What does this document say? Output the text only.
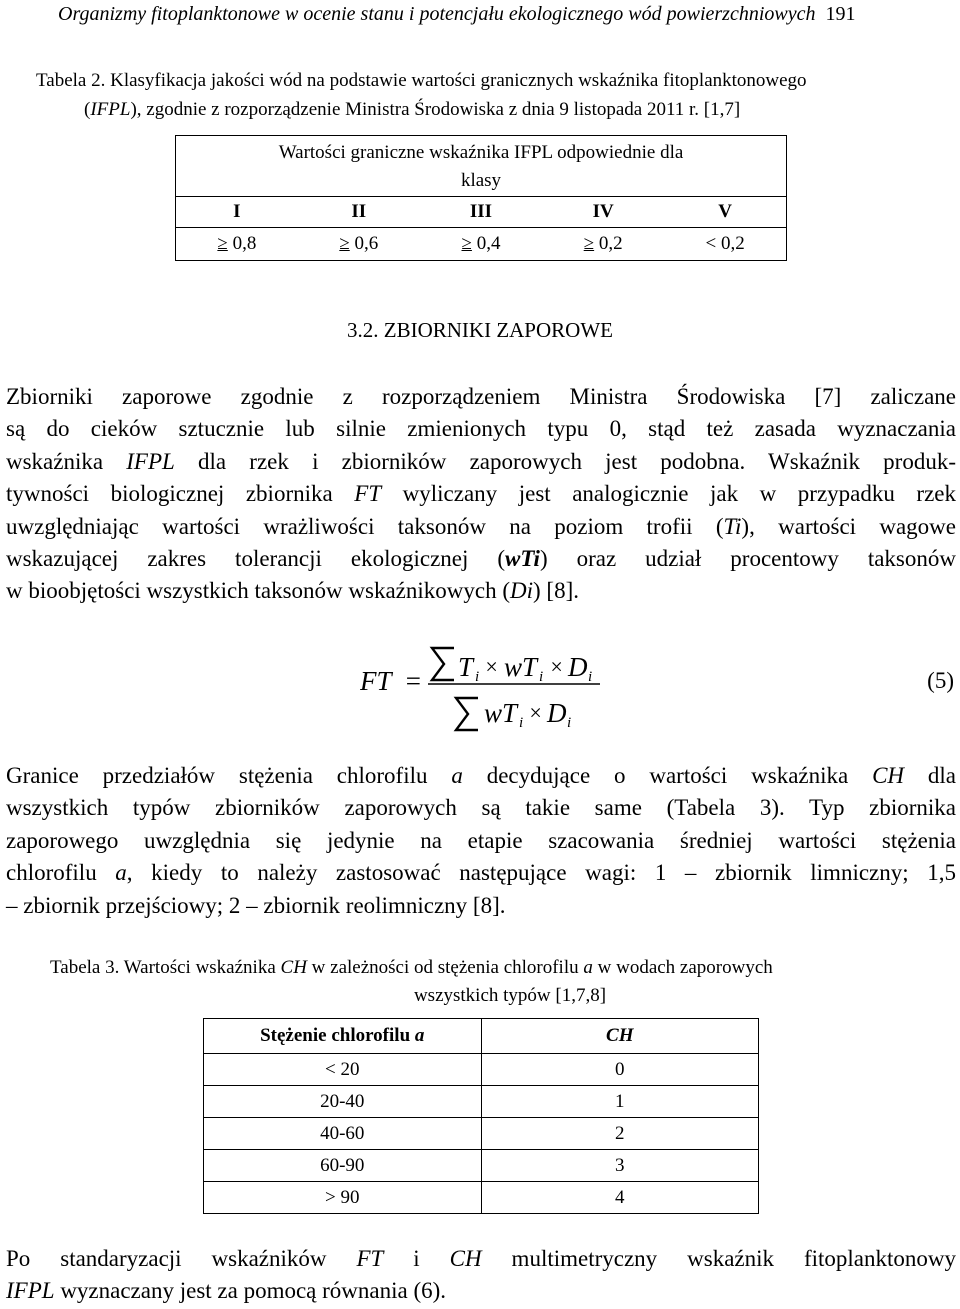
Organizmy fitoplanktonowe w ocenie stanu i potencjału ekologicznego wód powierzchniowych 191
Tabela 2. Klasyfikacja jakości wód na podstawie wartości granicznych wskaźnika fitoplanktonowego
(IFPL), zgodnie z rozporządzenie Ministra Środowiska z dnia 9 listopada 2011 r. [1,7]
Wartości graniczne wskaźnika IFPL odpowiednie dla
klasy				
I	II	III	IV	V
≥ 0,8	≥ 0,6	≥ 0,4	≥ 0,2	< 0,2
3.2. ZBIORNIKI ZAPOROWE
Zbiorniki zaporowe zgodnie z rozporządzeniem Ministra Środowiska [7] zaliczane
są do cieków sztucznie lub silnie zmienionych typu 0, stąd też zasada wyznaczania
wskaźnika IFPL dla rzek i zbiorników zaporowych jest podobna. Wskaźnik produk-
tywności biologicznej zbiornika FT wyliczany jest analogicznie jak w przypadku rzek
uwzględniając wartości wrażliwości taksonów na poziom trofii (Ti), wartości wagowe
wskazującej zakres tolerancji ekologicznej (wTi) oraz udział procentowy taksonów
w bioobjętości wszystkich taksonów wskaźnikowych (Di) [8].
FT = T i × w T i × D i
w T i × D i
(5)
Granice przedziałów stężenia chlorofilu a decydujące o wartości wskaźnika CH dla
wszystkich typów zbiorników zaporowych są takie same (Tabela 3). Typ zbiornika
zaporowego uwzględnia się jedynie na etapie szacowania średniej wartości stężenia
chlorofilu a, kiedy to należy zastosować następujące wagi: 1 – zbiornik limniczny; 1,5
– zbiornik przejściowy; 2 – zbiornik reolimniczny [8].
Tabela 3. Wartości wskaźnika CH w zależności od stężenia chlorofilu a w wodach zaporowych
wszystkich typów [1,7,8]
Stężenie chlorofilu a	CH
< 20	0
20-40	1
40-60	2
60-90	3
> 90	4
Po standaryzacji wskaźników FT i CH multimetryczny wskaźnik fitoplanktonowy
IFPL wyznaczany jest za pomocą równania (6).
